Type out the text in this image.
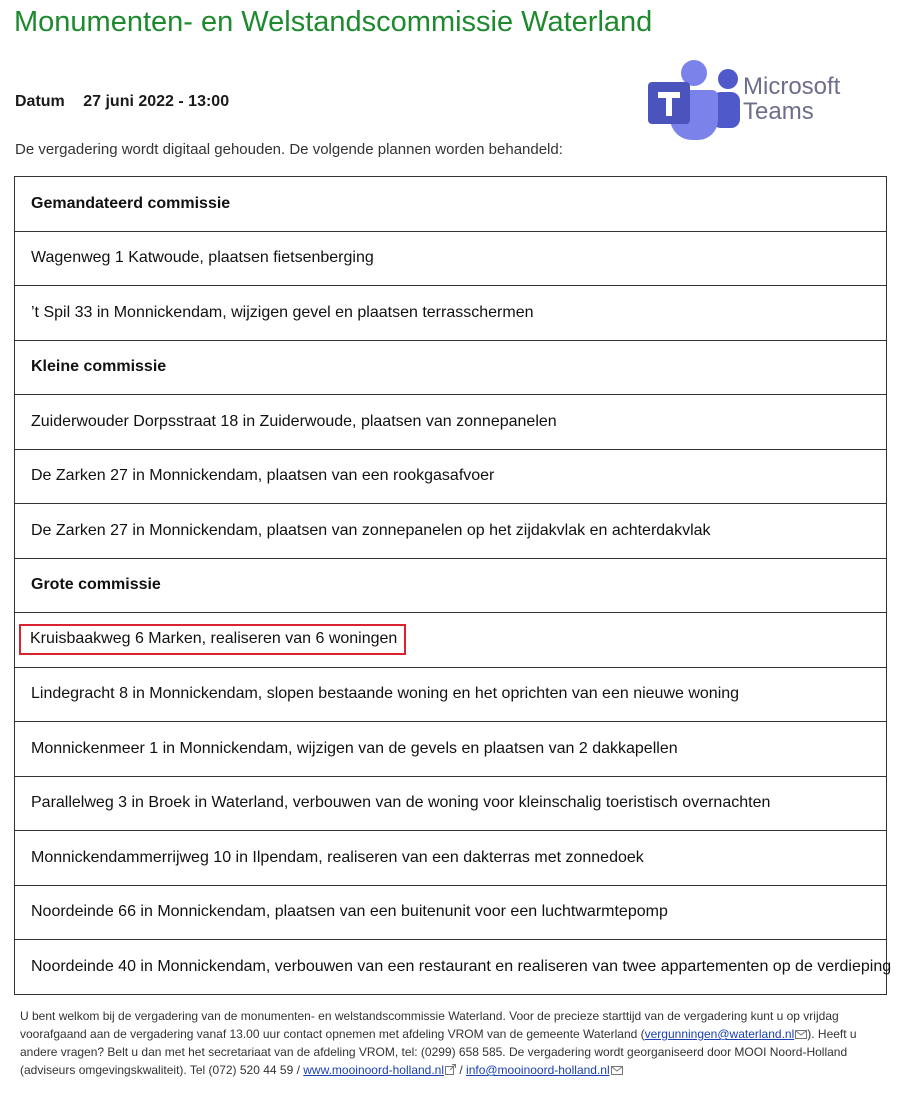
Monumenten- en Welstandscommissie Waterland
Datum 27 juni 2022 - 13:00
Microsoft
Teams

De vergadering wordt digitaal gehouden. De volgende plannen worden behandeld:

Gemandateerd commissie
Wagenweg 1 Katwoude, plaatsen fietsenberging
’t Spil 33 in Monnickendam, wijzigen gevel en plaatsen terrasschermen
Kleine commissie
Zuiderwouder Dorpsstraat 18 in Zuiderwoude, plaatsen van zonnepanelen
De Zarken 27 in Monnickendam, plaatsen van een rookgasafvoer
De Zarken 27 in Monnickendam, plaatsen van zonnepanelen op het zijdakvlak en achterdakvlak
Grote commissie
Kruisbaakweg 6 Marken, realiseren van 6 woningen
Lindegracht 8 in Monnickendam, slopen bestaande woning en het oprichten van een nieuwe woning
Monnickenmeer 1 in Monnickendam, wijzigen van de gevels en plaatsen van 2 dakkapellen
Parallelweg 3 in Broek in Waterland, verbouwen van de woning voor kleinschalig toeristisch overnachten
Monnickendammerrijweg 10 in Ilpendam, realiseren van een dakterras met zonnedoek
Noordeinde 66 in Monnickendam, plaatsen van een buitenunit voor een luchtwarmtepomp
Noordeinde 40 in Monnickendam, verbouwen van een restaurant en realiseren van twee appartementen op de verdieping

U bent welkom bij de vergadering van de monumenten- en welstandscommissie Waterland. Voor de precieze starttijd van de vergadering kunt u op vrijdag voorafgaand aan de vergadering vanaf 13.00 uur contact opnemen met afdeling VROM van de gemeente Waterland (vergunningen@waterland.nl ). Heeft u andere vragen? Belt u dan met het secretariaat van de afdeling VROM, tel: (0299) 658 585. De vergadering wordt georganiseerd door MOOI Noord-Holland (adviseurs omgevingskwaliteit). Tel (072) 520 44 59 / www.mooinoord-holland.nl / info@mooinoord-holland.nl
